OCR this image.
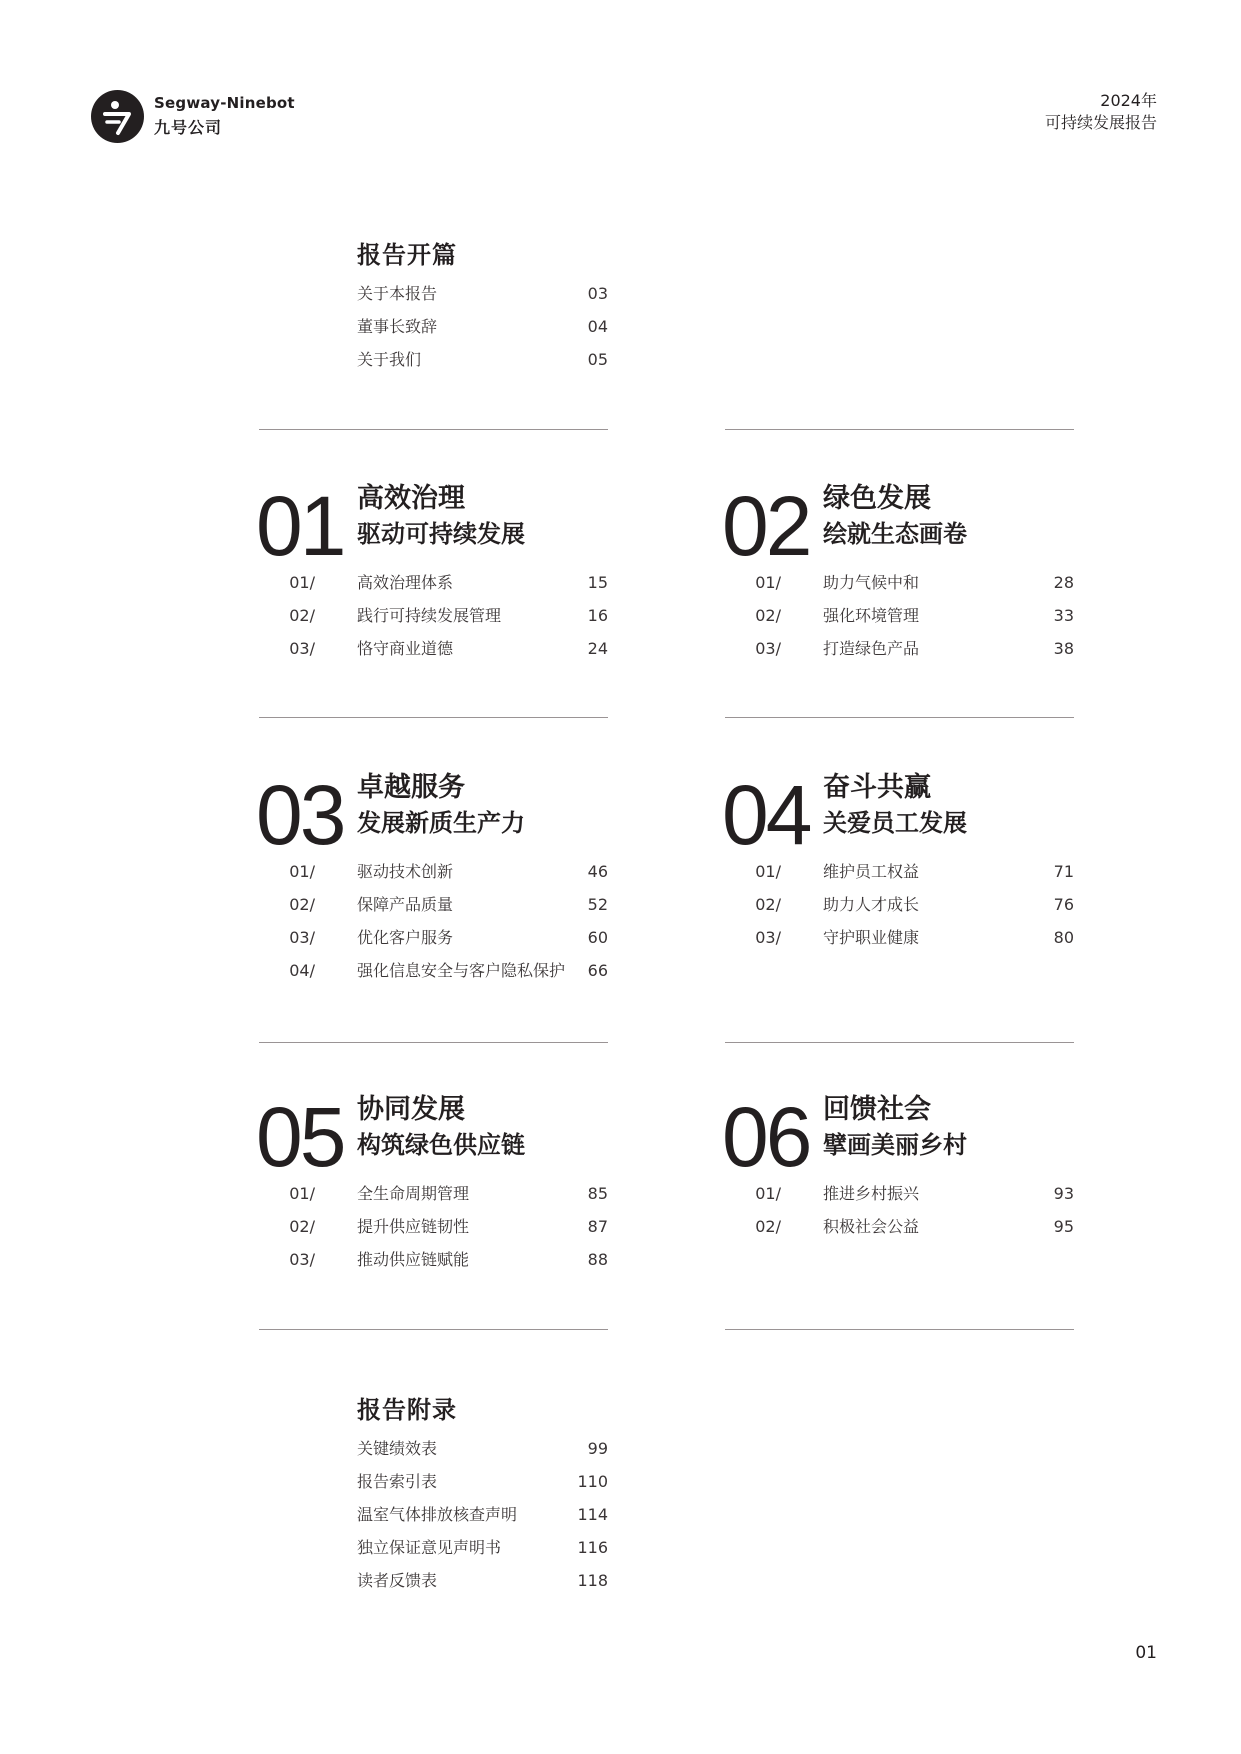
Segway-Ninebot
九号公司
2024年
可持续发展报告
报告开篇
关于本报告	03
董事长致辞	04
关于我们	05
01 高效治理
驱动可持续发展
01/	高效治理体系	15
02/	践行可持续发展管理	16
03/	恪守商业道德	24
02 绿色发展
绘就生态画卷
01/	助力气候中和	28
02/	强化环境管理	33
03/	打造绿色产品	38
03 卓越服务
发展新质生产力
01/	驱动技术创新	46
02/	保障产品质量	52
03/	优化客户服务	60
04/	强化信息安全与客户隐私保护 66
04 奋斗共赢
关爱员工发展
01/	维护员工权益	71
02/	助力人才成长	76
03/	守护职业健康	80
05 协同发展
构筑绿色供应链
01/	全生命周期管理	85
02/	提升供应链韧性	87
03/	推动供应链赋能	88
06 回馈社会
擘画美丽乡村
01/	推进乡村振兴	93
02/	积极社会公益	95
报告附录
关键绩效表	99
报告索引表	110
温室气体排放核查声明	114
独立保证意见声明书	116
读者反馈表	118
01
